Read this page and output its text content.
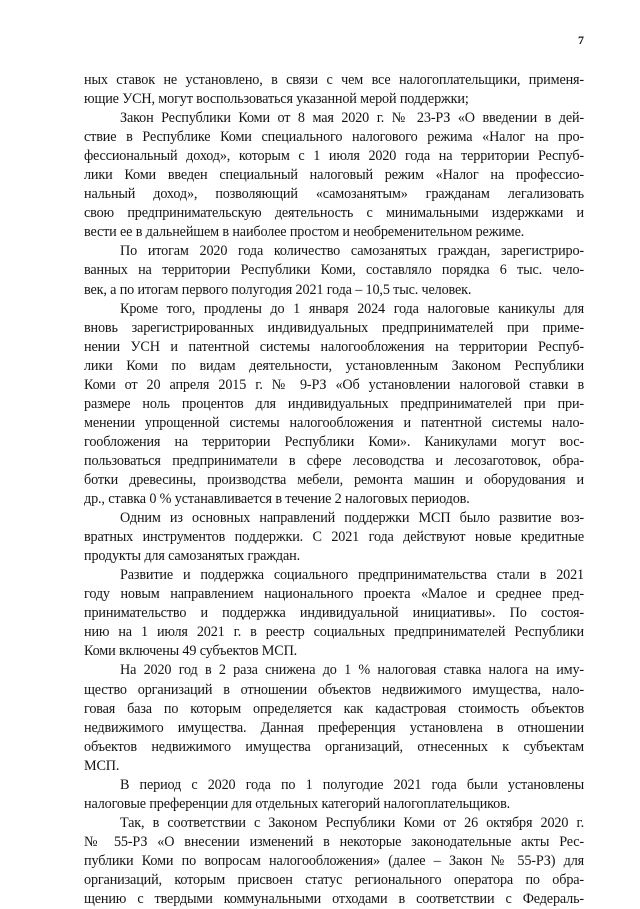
7
ных ставок не установлено, в связи с чем все налогоплательщики, применя-
ющие УСН, могут воспользоваться указанной мерой поддержки;
Закон Республики Коми от 8 мая 2020 г. № 23-РЗ «О введении в дей-
ствие в Республике Коми специального налогового режима «Налог на про-
фессиональный доход», которым с 1 июля 2020 года на территории Респуб-
лики Коми введен специальный налоговый режим «Налог на профессио-
нальный доход», позволяющий «самозанятым» гражданам легализовать
свою предпринимательскую деятельность с минимальными издержками и
вести ее в дальнейшем в наиболее простом и необременительном режиме.
По итогам 2020 года количество самозанятых граждан, зарегистриро-
ванных на территории Республики Коми, составляло порядка 6 тыс. чело-
век, а по итогам первого полугодия 2021 года – 10,5 тыс. человек.
Кроме того, продлены до 1 января 2024 года налоговые каникулы для
вновь зарегистрированных индивидуальных предпринимателей при приме-
нении УСН и патентной системы налогообложения на территории Респуб-
лики Коми по видам деятельности, установленным Законом Республики
Коми от 20 апреля 2015 г. № 9-РЗ «Об установлении налоговой ставки в
размере ноль процентов для индивидуальных предпринимателей при при-
менении упрощенной системы налогообложения и патентной системы нало-
гообложения на территории Республики Коми». Каникулами могут вос-
пользоваться предприниматели в сфере лесоводства и лесозаготовок, обра-
ботки древесины, производства мебели, ремонта машин и оборудования и
др., ставка 0 % устанавливается в течение 2 налоговых периодов.
Одним из основных направлений поддержки МСП было развитие воз-
вратных инструментов поддержки. С 2021 года действуют новые кредитные
продукты для самозанятых граждан.
Развитие и поддержка социального предпринимательства стали в 2021
году новым направлением национального проекта «Малое и среднее пред-
принимательство и поддержка индивидуальной инициативы». По состоя-
нию на 1 июля 2021 г. в реестр социальных предпринимателей Республики
Коми включены 49 субъектов МСП.
На 2020 год в 2 раза снижена до 1 % налоговая ставка налога на иму-
щество организаций в отношении объектов недвижимого имущества, нало-
говая база по которым определяется как кадастровая стоимость объектов
недвижимого имущества. Данная преференция установлена в отношении
объектов недвижимого имущества организаций, отнесенных к субъектам
МСП.
В период с 2020 года по 1 полугодие 2021 года были установлены
налоговые преференции для отдельных категорий налогоплательщиков.
Так, в соответствии с Законом Республики Коми от 26 октября 2020 г.
№ 55-РЗ «О внесении изменений в некоторые законодательные акты Рес-
публики Коми по вопросам налогообложения» (далее – Закон № 55-РЗ) для
организаций, которым присвоен статус регионального оператора по обра-
щению с твердыми коммунальными отходами в соответствии с Федераль-
